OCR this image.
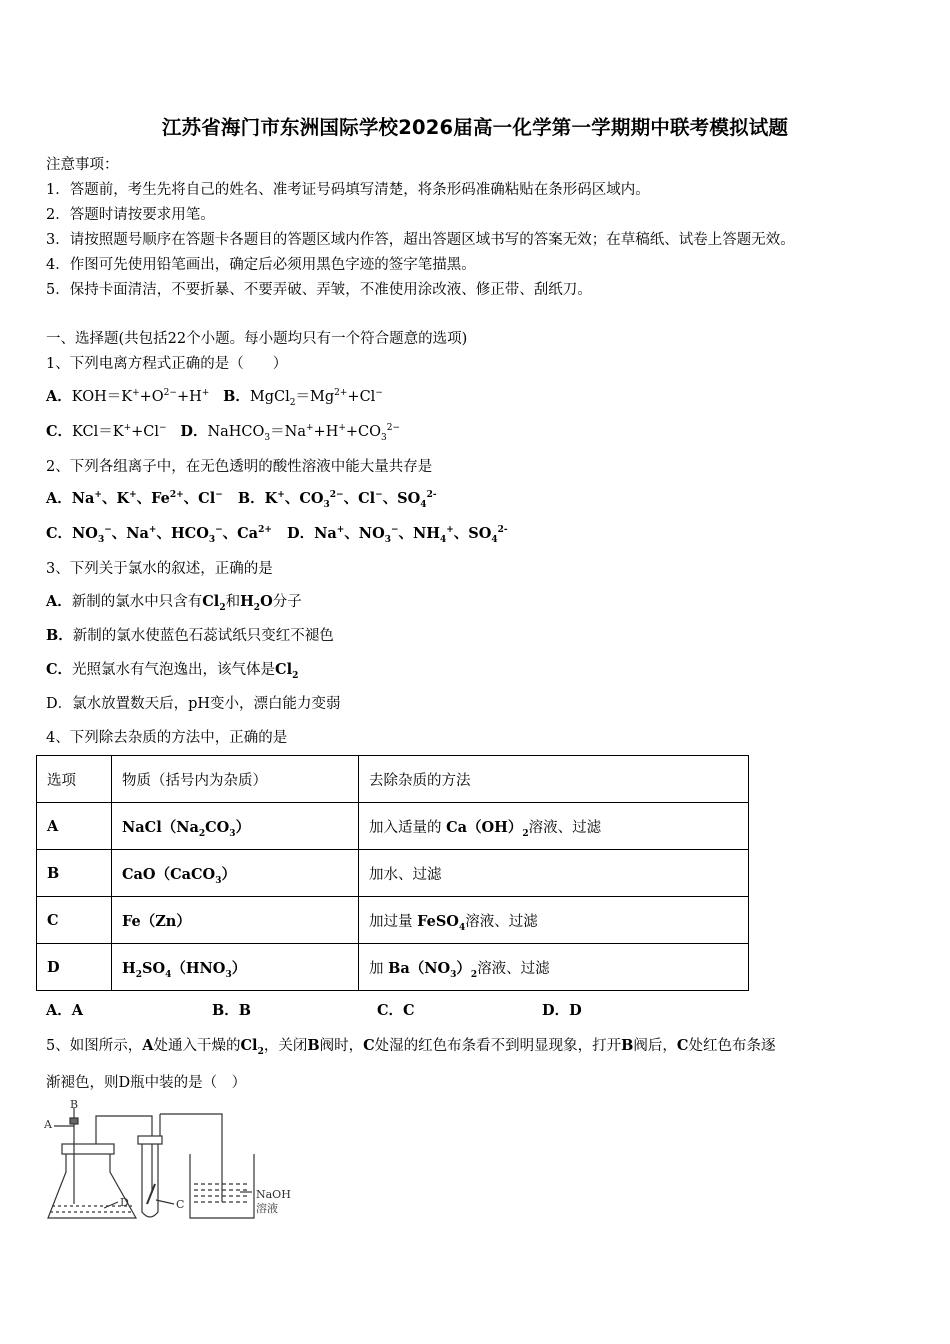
江苏省海门市东洲国际学校2026届高一化学第一学期期中联考模拟试题
注意事项：
1．答题前，考生先将自己的姓名、准考证号码填写清楚，将条形码准确粘贴在条形码区域内。
2．答题时请按要求用笔。
3．请按照题号顺序在答题卡各题目的答题区域内作答，超出答题区域书写的答案无效；在草稿纸、试卷上答题无效。
4．作图可先使用铅笔画出，确定后必须用黑色字迹的签字笔描黑。
5．保持卡面清洁，不要折暴、不要弄破、弄皱，不准使用涂改液、修正带、刮纸刀。
一、选择题(共包括22个小题。每小题均只有一个符合题意的选项)
1、下列电离方程式正确的是（　　）
A．$KOH=K^++O^{2-}+H^+$ B．$MgCl_2=Mg^{2+}+Cl^-$
C．KCl＝K++Cl− D．$NaHCO_3=Na^++H^++CO_3^{2-}$
2、下列各组离子中，在无色透明的酸性溶液中能大量共存是
A．Na+、K+、$Fe^{2+}$、Cl−   B．K+、$CO_3^{2-}$、Cl−、$SO_4^{2-}$
C．$NO_3^-$、Na+、$HCO_3^-$、$Ca^{2+}$   D．Na+、$NO_3^-$、$NH_4^+$、$SO_4^{2-}$
3、下列关于氯水的叙述，正确的是
A．新制的氯水中只含有$Cl_2$和$H_2O$分子
B．新制的氯水使蓝色石蕊试纸只变红不褪色
C．光照氯水有气泡逸出，该气体是$Cl_2$
D．氯水放置数天后，pH变小，漂白能力变弱
4、下列除去杂质的方法中，正确的是
选项	物质（括号内为杂质）	去除杂质的方法
A	$NaCl(Na_2CO_3)$	加入适量的 $Ca(OH)_2$溶液、过滤
B	CaO（CaCO$_3$）	加水、过滤
C	Fe（Zn）	加过量 FeSO$_4$溶液、过滤
D	$H_2SO_4(HNO_3)$	加 $Ba(NO_3)_2$溶液、过滤
A．A	B．B	C．C	D．D
5、如图所示，A处通入干燥的$Cl_2$，关闭B阀时，C处湿的红色布条看不到明显现象，打开B阀后，C处红色布条逐
渐褪色，则D瓶中装的是（　）
A
B
C
D
NaOH
溶液
